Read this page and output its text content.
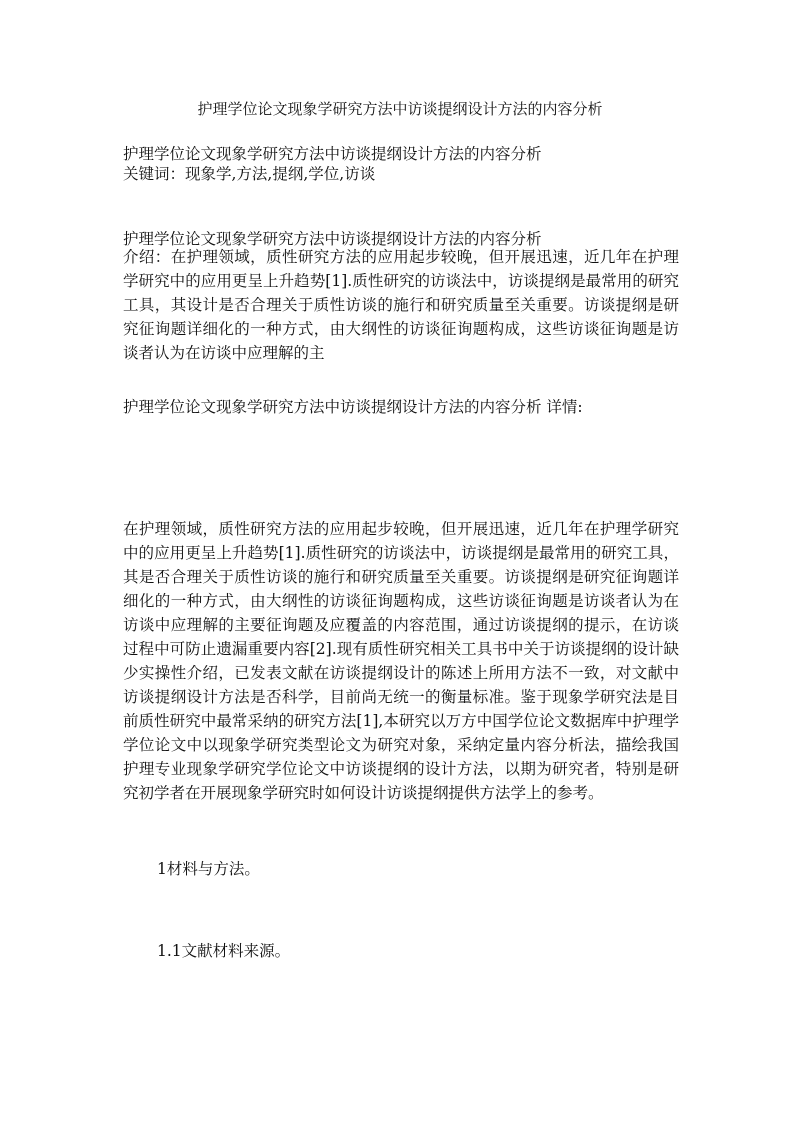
护理学位论文现象学研究方法中访谈提纲设计方法的内容分析
护理学位论文现象学研究方法中访谈提纲设计方法的内容分析
关键词：现象学,方法,提纲,学位,访谈
护理学位论文现象学研究方法中访谈提纲设计方法的内容分析
介绍：在护理领域，质性研究方法的应用起步较晚，但开展迅速，近几年在护理学研究中的应用更呈上升趋势[1].质性研究的访谈法中，访谈提纲是最常用的研究工具，其设计是否合理关于质性访谈的施行和研究质量至关重要。访谈提纲是研究征询题详细化的一种方式，由大纲性的访谈征询题构成，这些访谈征询题是访谈者认为在访谈中应理解的主
护理学位论文现象学研究方法中访谈提纲设计方法的内容分析 详情:
在护理领域，质性研究方法的应用起步较晚，但开展迅速，近几年在护理学研究中的应用更呈上升趋势[1].质性研究的访谈法中，访谈提纲是最常用的研究工具，其是否合理关于质性访谈的施行和研究质量至关重要。访谈提纲是研究征询题详细化的一种方式，由大纲性的访谈征询题构成，这些访谈征询题是访谈者认为在访谈中应理解的主要征询题及应覆盖的内容范围，通过访谈提纲的提示，在访谈过程中可防止遗漏重要内容[2].现有质性研究相关工具书中关于访谈提纲的设计缺少实操性介绍，已发表文献在访谈提纲设计的陈述上所用方法不一致，对文献中访谈提纲设计方法是否科学，目前尚无统一的衡量标准。鉴于现象学研究法是目前质性研究中最常采纳的研究方法[1],本研究以万方中国学位论文数据库中护理学学位论文中以现象学研究类型论文为研究对象，采纳定量内容分析法，描绘我国护理专业现象学研究学位论文中访谈提纲的设计方法，以期为研究者，特别是研究初学者在开展现象学研究时如何设计访谈提纲提供方法学上的参考。
1材料与方法。
1.1文献材料来源。
